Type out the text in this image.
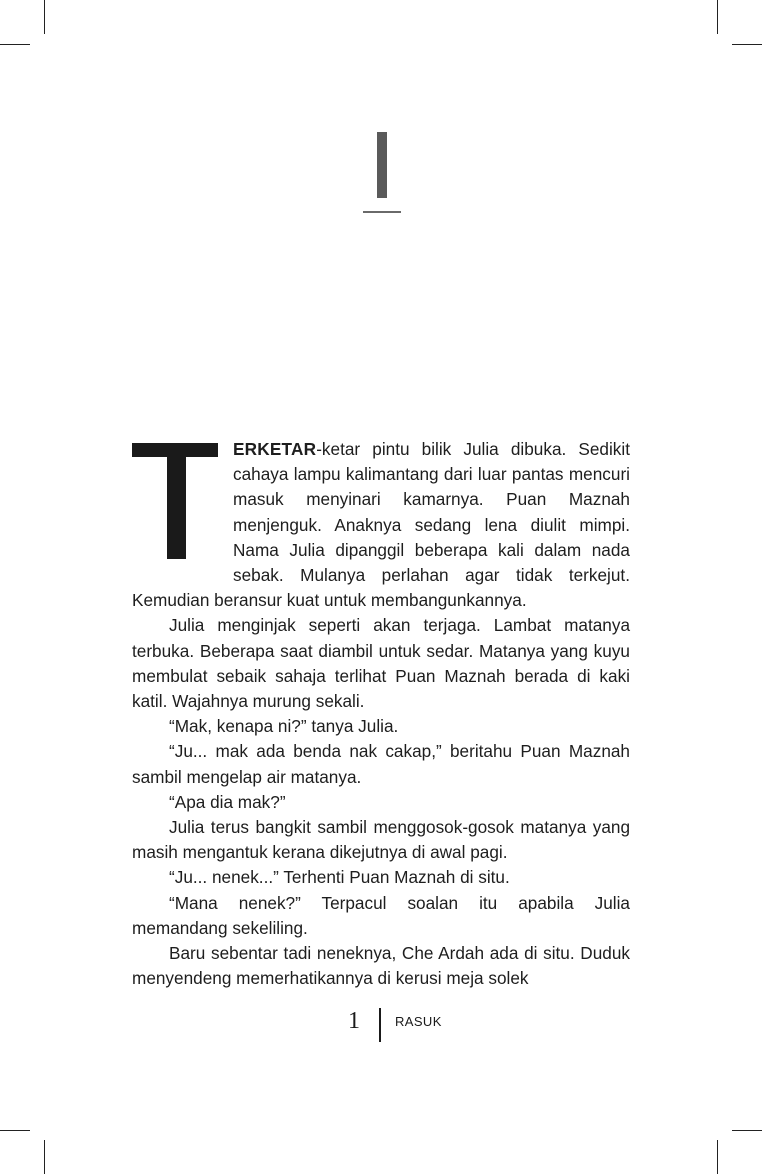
ERKETAR-ketar pintu bilik Julia dibuka. Sedikit cahaya lampu kalimantang dari luar pantas mencuri masuk menyinari kamarnya. Puan Maznah menjenguk. Anaknya sedang lena diulit mimpi. Nama Julia dipanggil beberapa kali dalam nada sebak. Mulanya perlahan agar tidak terkejut. Kemudian beransur kuat untuk membangunkannya.

Julia menginjak seperti akan terjaga. Lambat matanya terbuka. Beberapa saat diambil untuk sedar. Matanya yang kuyu membulat sebaik sahaja terlihat Puan Maznah berada di kaki katil. Wajahnya murung sekali.

“Mak, kenapa ni?” tanya Julia.

“Ju... mak ada benda nak cakap,” beritahu Puan Maznah sambil mengelap air matanya.

“Apa dia mak?”

Julia terus bangkit sambil menggosok-gosok matanya yang masih mengantuk kerana dikejutnya di awal pagi.

“Ju... nenek...” Terhenti Puan Maznah di situ.

“Mana nenek?” Terpacul soalan itu apabila Julia memandang sekeliling.

Baru sebentar tadi neneknya, Che Ardah ada di situ. Duduk menyendeng memerhatikannya di kerusi meja solek

1	RASUK
